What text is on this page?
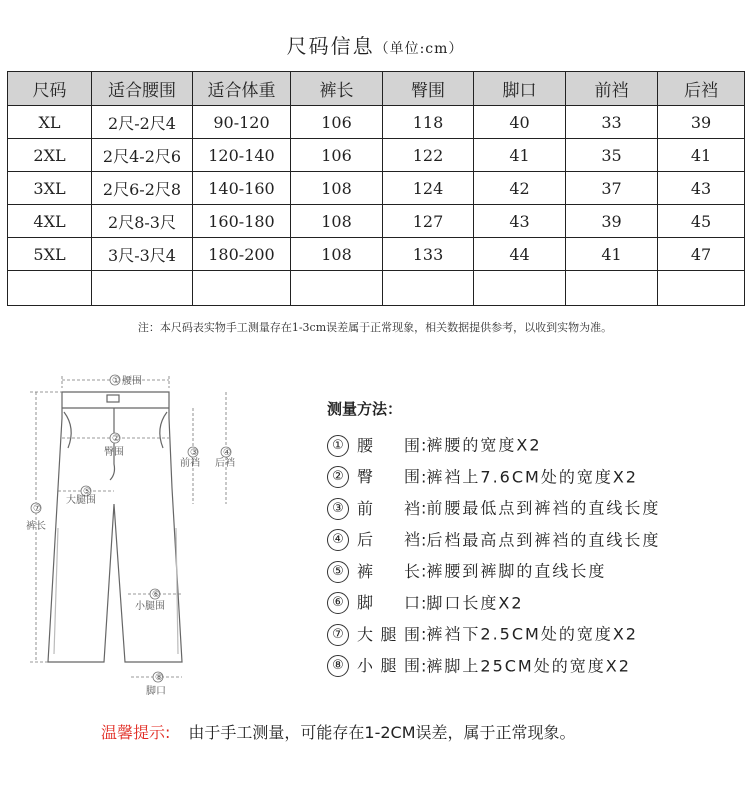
尺码信息（单位:cm）
尺码	适合腰围	适合体重	裤长	臀围	脚口	前裆	后裆
XL	2尺-2尺4	90-120	106	118	40	33	39
2XL	2尺4-2尺6	120-140	106	122	41	35	41
3XL	2尺6-2尺8	140-160	108	124	42	37	43
4XL	2尺8-3尺	160-180	108	127	43	39	45
5XL	3尺-3尺4	180-200	108	133	44	41	47

注：本尺码表实物手工测量存在1-3cm误差属于正常现象，相关数据提供参考，以收到实物为准。
① 腰围
②
臀围	③
前裆
④
后裆
⑦
裤长
⑤
大腿围
⑥
小腿围
⑧
脚口
测量方法：
① 腰围:裤腰的宽度X2
② 臀围:裤裆上7.6CM处的宽度X2
③ 前裆:前腰最低点到裤裆的直线长度
④ 后裆:后档最高点到裤裆的直线长度
⑤ 裤长:裤腰到裤脚的直线长度
⑥ 脚口:脚口长度X2
⑦ 大腿围:裤裆下2.5CM处的宽度X2
⑧ 小腿围:裤脚上25CM处的宽度X2
温馨提示: 由于手工测量，可能存在1-2CM误差，属于正常现象。
